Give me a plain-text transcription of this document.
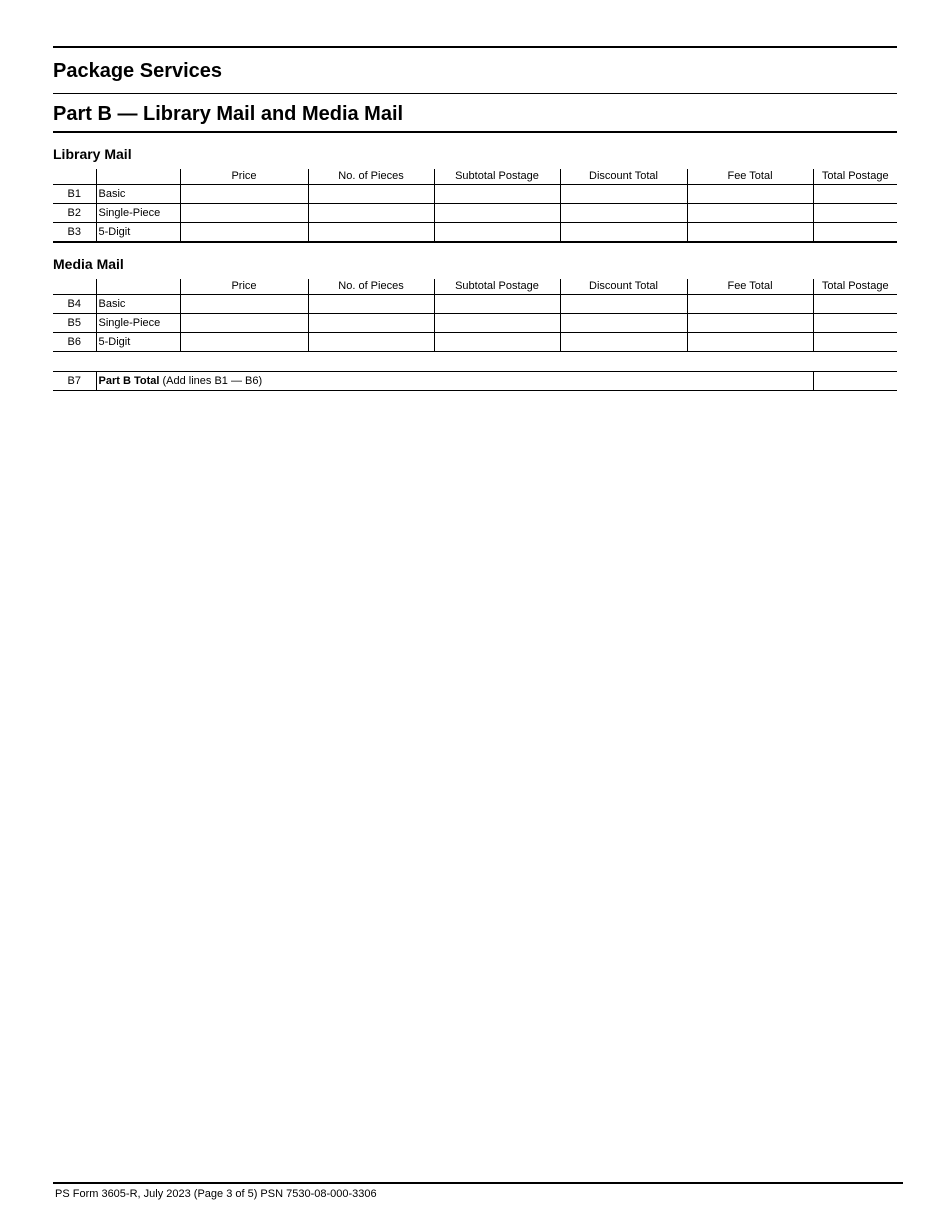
Package Services
Part B — Library Mail and Media Mail
Library Mail
		Price	No. of Pieces	Subtotal Postage	Discount Total	Fee Total	Total Postage
B1	Basic						
B2	Single-Piece						
B3	5-Digit						
Media Mail
		Price	No. of Pieces	Subtotal Postage	Discount Total	Fee Total	Total Postage
B4	Basic						
B5	Single-Piece						
B6	5-Digit						
B7	Part B Total (Add lines B1 — B6)	
PS Form 3605-R, July 2023 (Page 3 of 5) PSN 7530-08-000-3306
